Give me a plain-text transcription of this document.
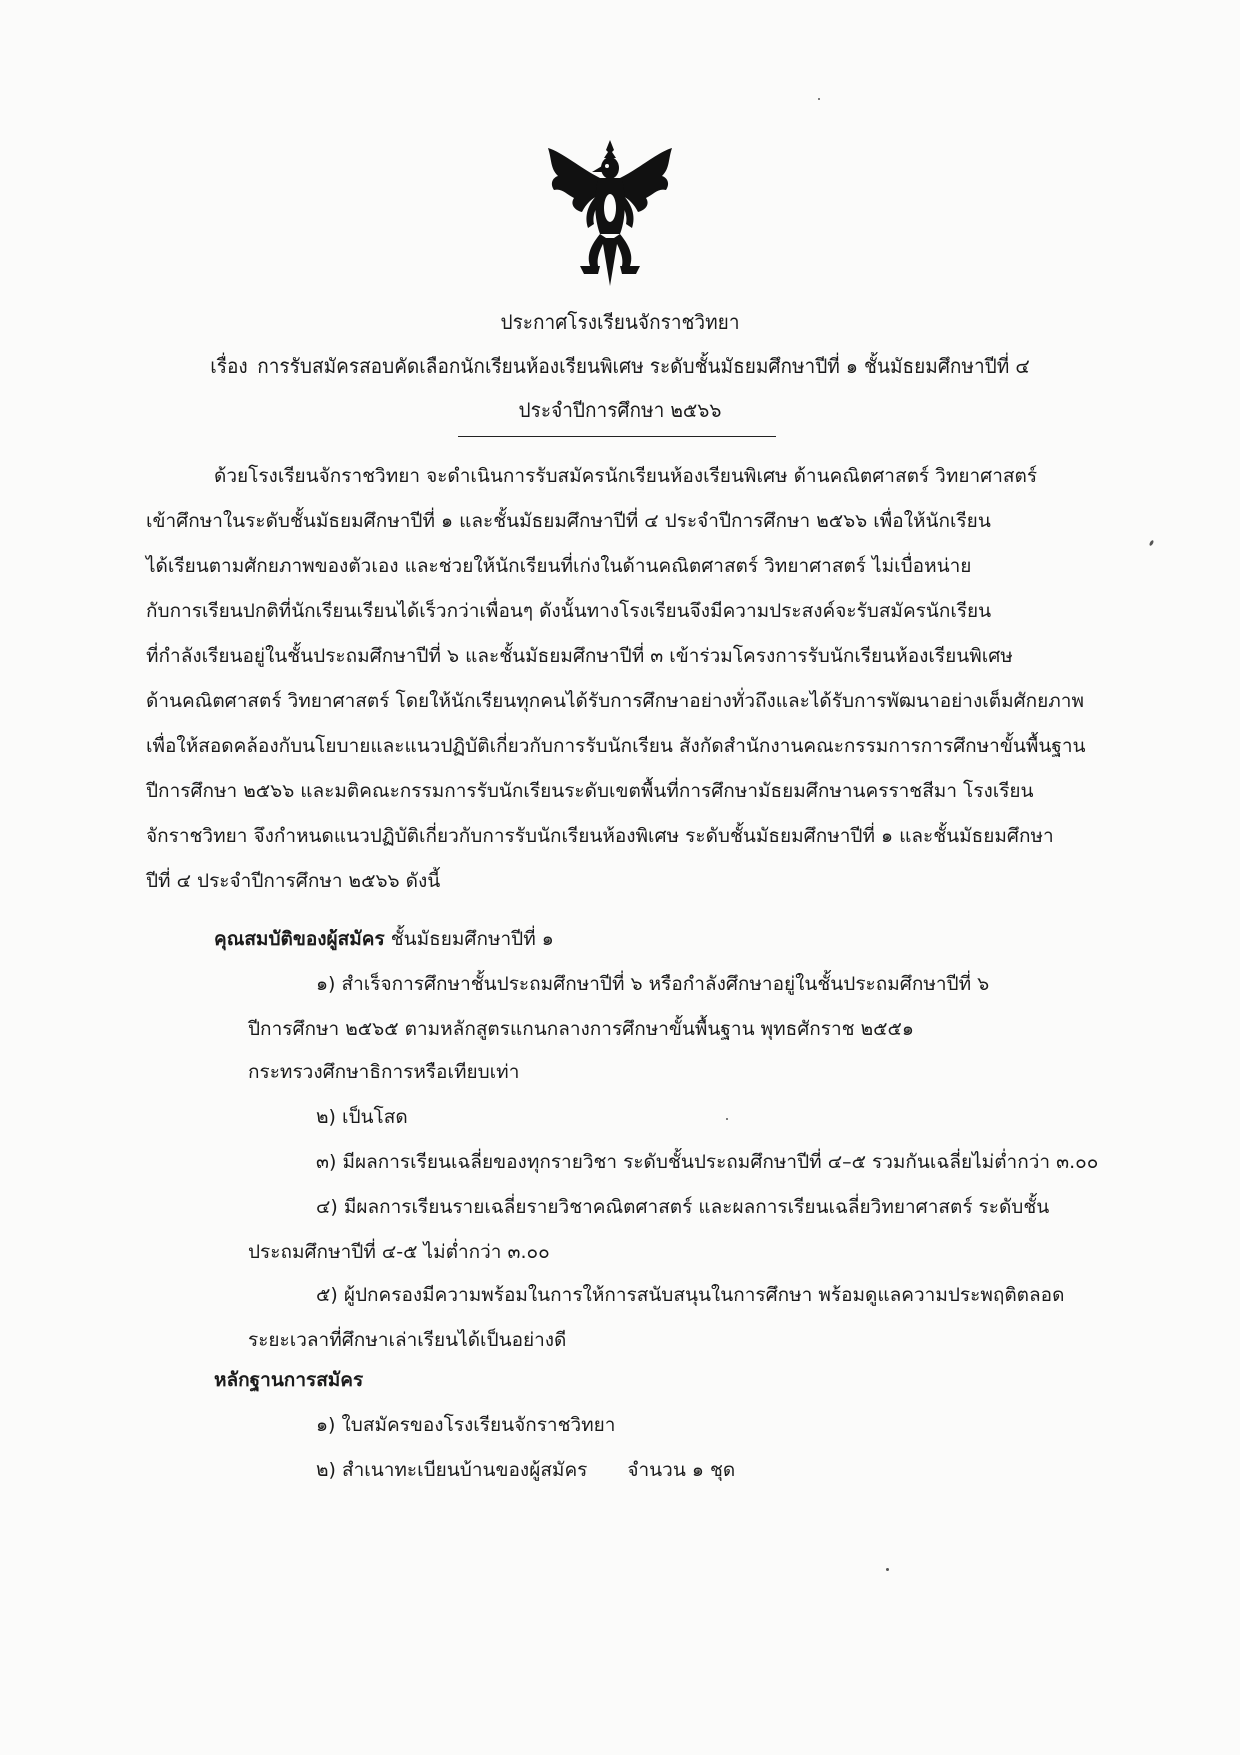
ประกาศโรงเรียนจักราชวิทยา
เรื่อง การรับสมัครสอบคัดเลือกนักเรียนห้องเรียนพิเศษ ระดับชั้นมัธยมศึกษาปีที่ ๑ ชั้นมัธยมศึกษาปีที่ ๔
ประจำปีการศึกษา ๒๕๖๖
ด้วยโรงเรียนจักราชวิทยา จะดำเนินการรับสมัครนักเรียนห้องเรียนพิเศษ ด้านคณิตศาสตร์ วิทยาศาสตร์
เข้าศึกษาในระดับชั้นมัธยมศึกษาปีที่ ๑ และชั้นมัธยมศึกษาปีที่ ๔ ประจำปีการศึกษา ๒๕๖๖ เพื่อให้นักเรียน
ได้เรียนตามศักยภาพของตัวเอง และช่วยให้นักเรียนที่เก่งในด้านคณิตศาสตร์ วิทยาศาสตร์ ไม่เบื่อหน่าย
กับการเรียนปกติที่นักเรียนเรียนได้เร็วกว่าเพื่อนๆ ดังนั้นทางโรงเรียนจึงมีความประสงค์จะรับสมัครนักเรียน
ที่กำลังเรียนอยู่ในชั้นประถมศึกษาปีที่ ๖ และชั้นมัธยมศึกษาปีที่ ๓ เข้าร่วมโครงการรับนักเรียนห้องเรียนพิเศษ
ด้านคณิตศาสตร์ วิทยาศาสตร์ โดยให้นักเรียนทุกคนได้รับการศึกษาอย่างทั่วถึงและได้รับการพัฒนาอย่างเต็มศักยภาพ
เพื่อให้สอดคล้องกับนโยบายและแนวปฏิบัติเกี่ยวกับการรับนักเรียน สังกัดสำนักงานคณะกรรมการการศึกษาขั้นพื้นฐาน
ปีการศึกษา ๒๕๖๖ และมติคณะกรรมการรับนักเรียนระดับเขตพื้นที่การศึกษามัธยมศึกษานครราชสีมา โรงเรียน
จักราชวิทยา จึงกำหนดแนวปฏิบัติเกี่ยวกับการรับนักเรียนห้องพิเศษ ระดับชั้นมัธยมศึกษาปีที่ ๑ และชั้นมัธยมศึกษา
ปีที่ ๔ ประจำปีการศึกษา ๒๕๖๖ ดังนี้
คุณสมบัติของผู้สมัคร ชั้นมัธยมศึกษาปีที่ ๑
๑) สำเร็จการศึกษาชั้นประถมศึกษาปีที่ ๖ หรือกำลังศึกษาอยู่ในชั้นประถมศึกษาปีที่ ๖
ปีการศึกษา ๒๕๖๕ ตามหลักสูตรแกนกลางการศึกษาขั้นพื้นฐาน พุทธศักราช ๒๕๕๑
กระทรวงศึกษาธิการหรือเทียบเท่า
๒) เป็นโสด
๓) มีผลการเรียนเฉลี่ยของทุกรายวิชา ระดับชั้นประถมศึกษาปีที่ ๔–๕ รวมกันเฉลี่ยไม่ต่ำกว่า ๓.๐๐
๔) มีผลการเรียนรายเฉลี่ยรายวิชาคณิตศาสตร์ และผลการเรียนเฉลี่ยวิทยาศาสตร์ ระดับชั้น
ประถมศึกษาปีที่ ๔-๕ ไม่ต่ำกว่า ๓.๐๐
๕) ผู้ปกครองมีความพร้อมในการให้การสนับสนุนในการศึกษา พร้อมดูแลความประพฤติตลอด
ระยะเวลาที่ศึกษาเล่าเรียนได้เป็นอย่างดี
หลักฐานการสมัคร
๑) ใบสมัครของโรงเรียนจักราชวิทยา
๒) สำเนาทะเบียนบ้านของผู้สมัคร จำนวน ๑ ชุด
